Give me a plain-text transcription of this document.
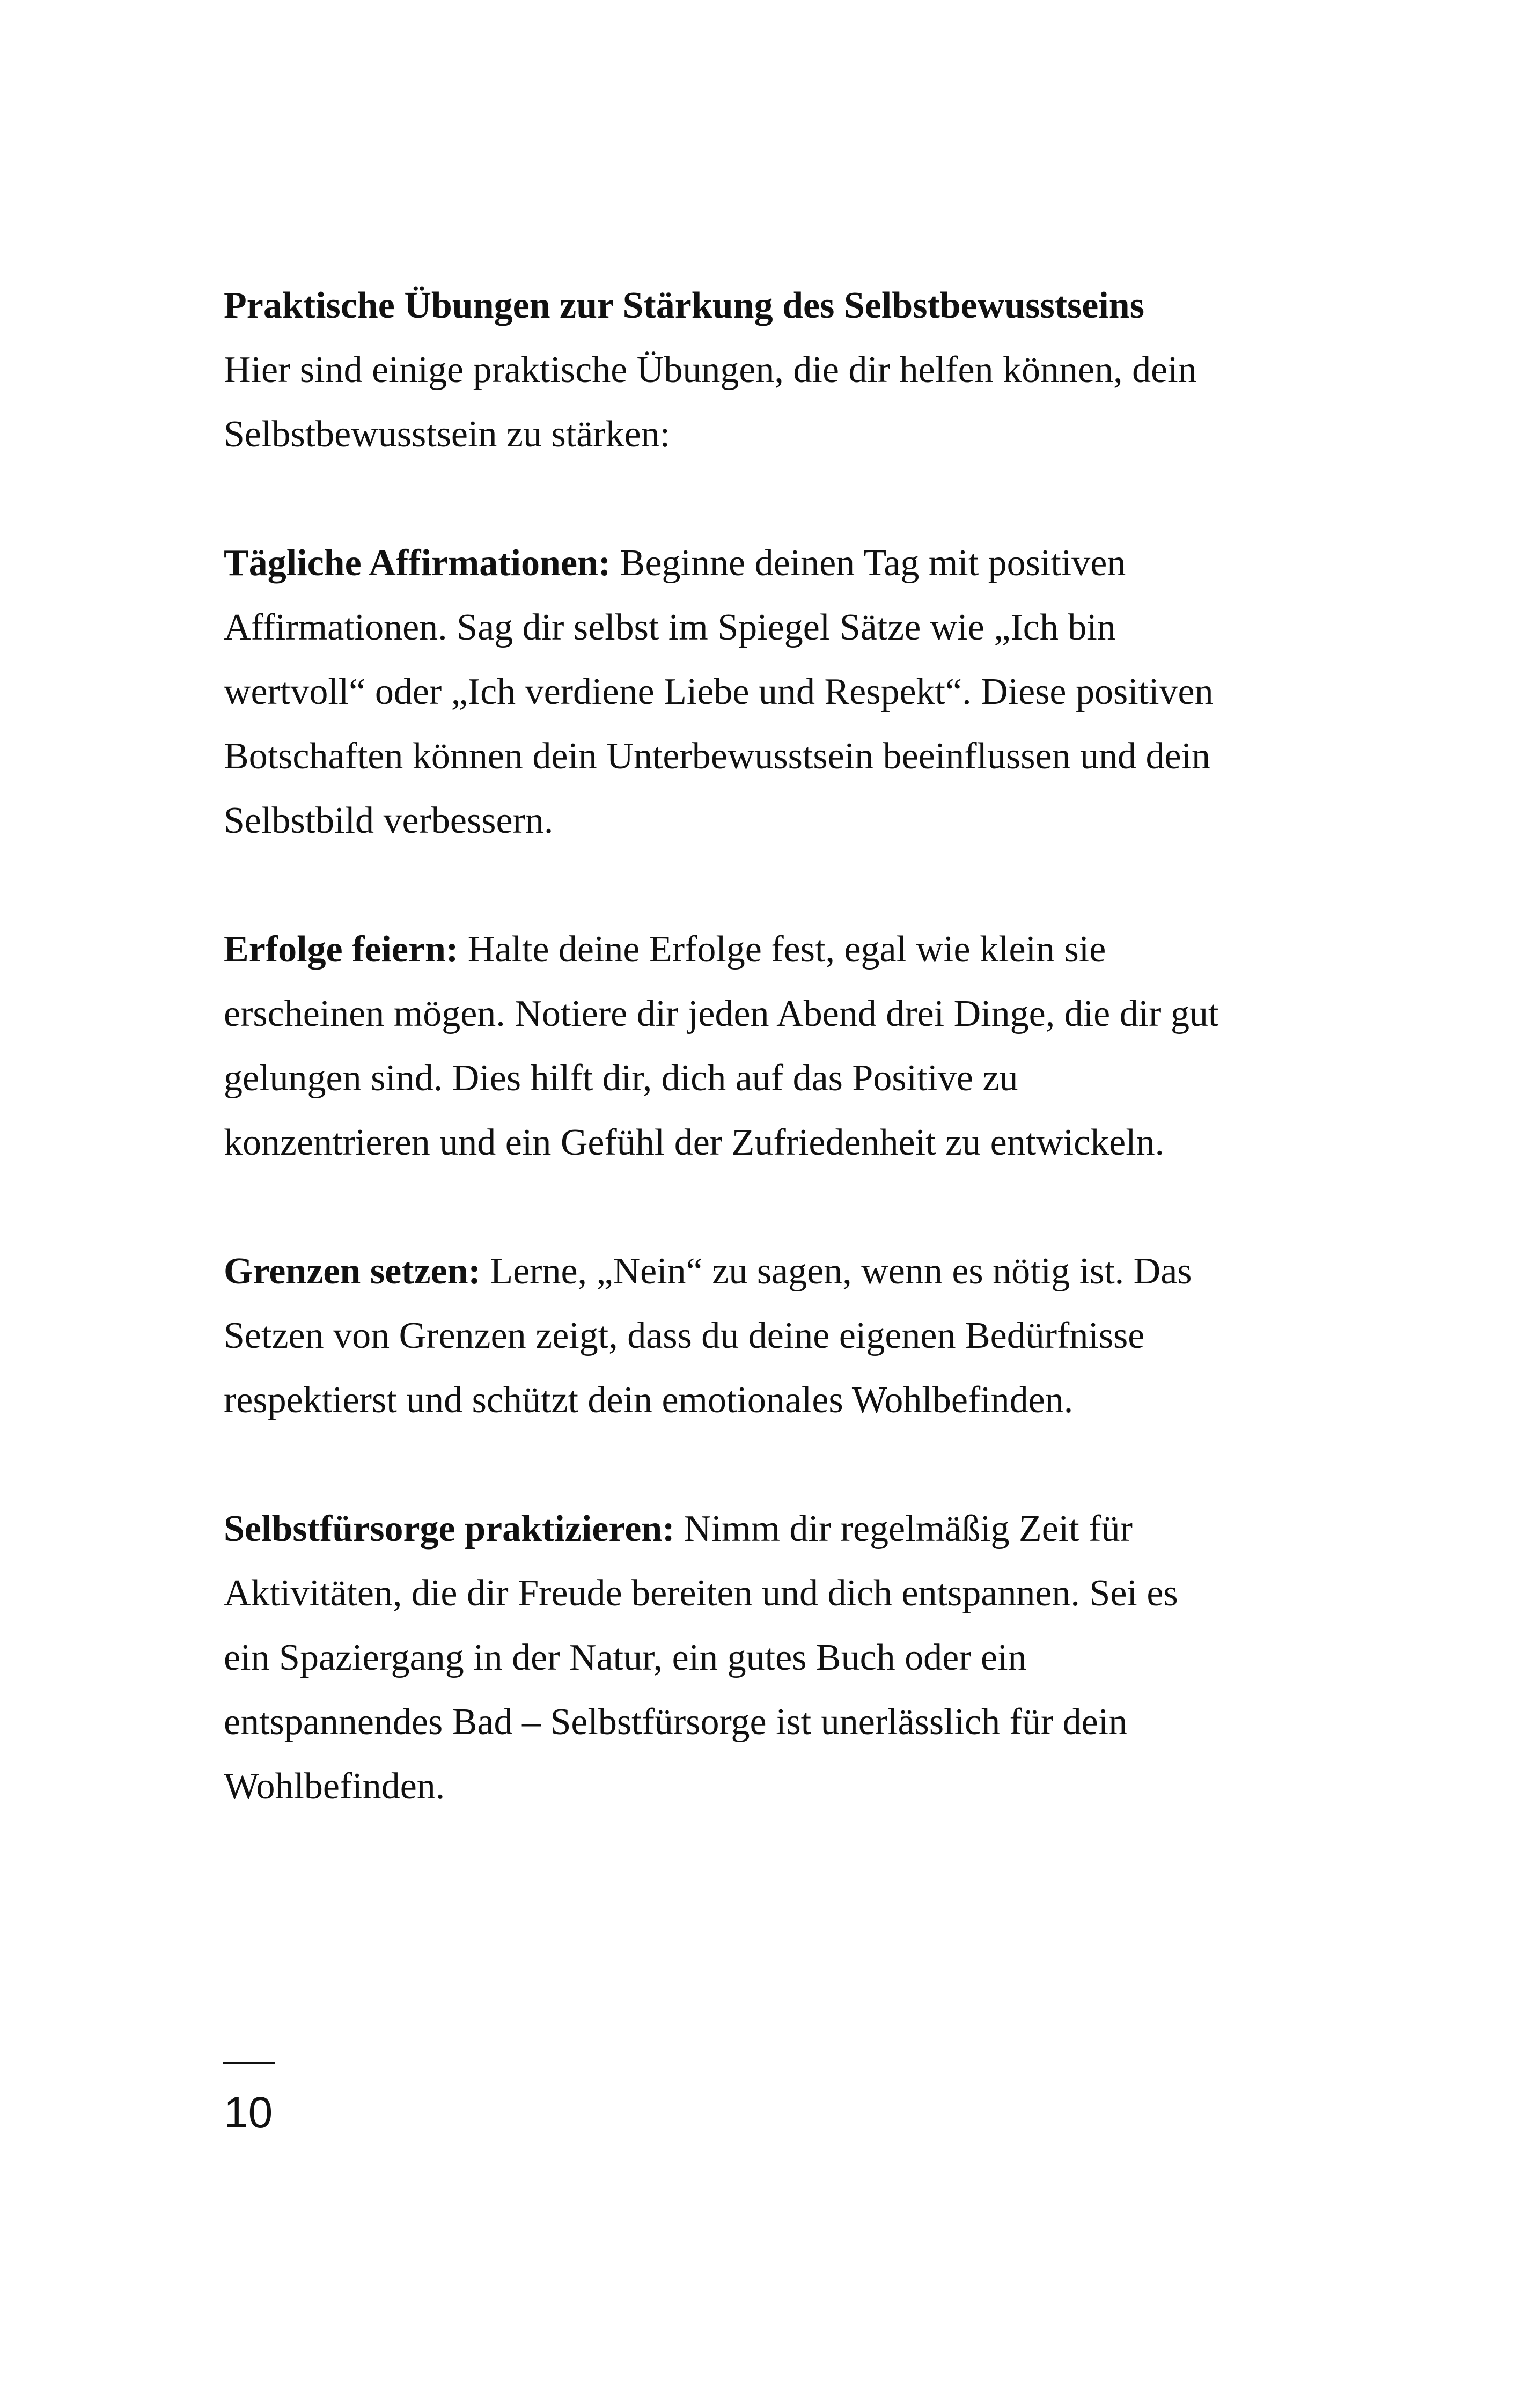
Praktische Übungen zur Stärkung des Selbstbewusstseins

Hier sind einige praktische Übungen, die dir helfen können, dein Selbstbewusstsein zu stärken:

Tägliche Affirmationen: Beginne deinen Tag mit positiven Affirmationen. Sag dir selbst im Spiegel Sätze wie „Ich bin wertvoll“ oder „Ich verdiene Liebe und Respekt“. Diese positiven Botschaften können dein Unterbewusstsein beeinflussen und dein Selbstbild verbessern.

Erfolge feiern: Halte deine Erfolge fest, egal wie klein sie erscheinen mögen. Notiere dir jeden Abend drei Dinge, die dir gut gelungen sind. Dies hilft dir, dich auf das Positive zu konzentrieren und ein Gefühl der Zufriedenheit zu entwickeln.

Grenzen setzen: Lerne, „Nein“ zu sagen, wenn es nötig ist. Das Setzen von Grenzen zeigt, dass du deine eigenen Bedürfnisse respektierst und schützt dein emotionales Wohlbefinden.

Selbstfürsorge praktizieren: Nimm dir regelmäßig Zeit für Aktivitäten, die dir Freude bereiten und dich entspannen. Sei es ein Spaziergang in der Natur, ein gutes Buch oder ein entspannendes Bad – Selbstfürsorge ist unerlässlich für dein Wohlbefinden.

10
